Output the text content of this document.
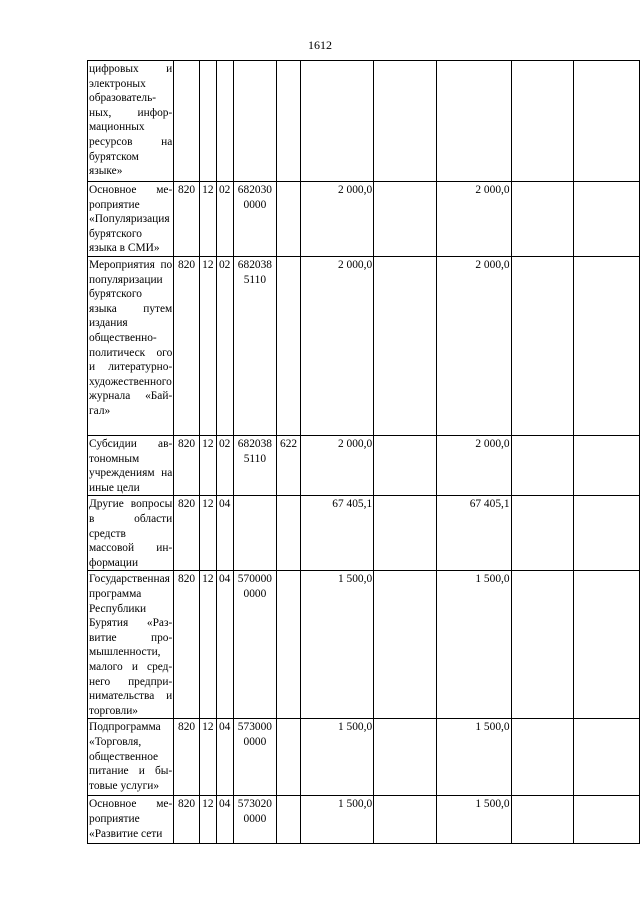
1612
цифровых и электроных образовательных, информационных ресурсов на бурятском языке»										
Основное мероприятие «Популяризация бурятского языка в СМИ»	820	12	02	682030 0000		2 000,0		2 000,0		
Мероприятия по популяризации бурятского языка путем издания общественно-политическ ого и литературно-художественного журнала «Байгал»	820	12	02	682038 5110		2 000,0		2 000,0		
Субсидии автономным учреждениям на иные цели	820	12	02	682038 5110	622	2 000,0		2 000,0		
Другие вопросы в области средств массовой информации	820	12	04			67 405,1		67 405,1		
Государственная программа Республики Бурятия «Развитие промышленности, малого и среднего предпринимательства и торговли»	820	12	04	570000 0000		1 500,0		1 500,0		
Подпрограмма «Торговля, общественное питание и бытовые услуги»	820	12	04	573000 0000		1 500,0		1 500,0		
Основное мероприятие «Развитие сети	820	12	04	573020 0000		1 500,0		1 500,0		
